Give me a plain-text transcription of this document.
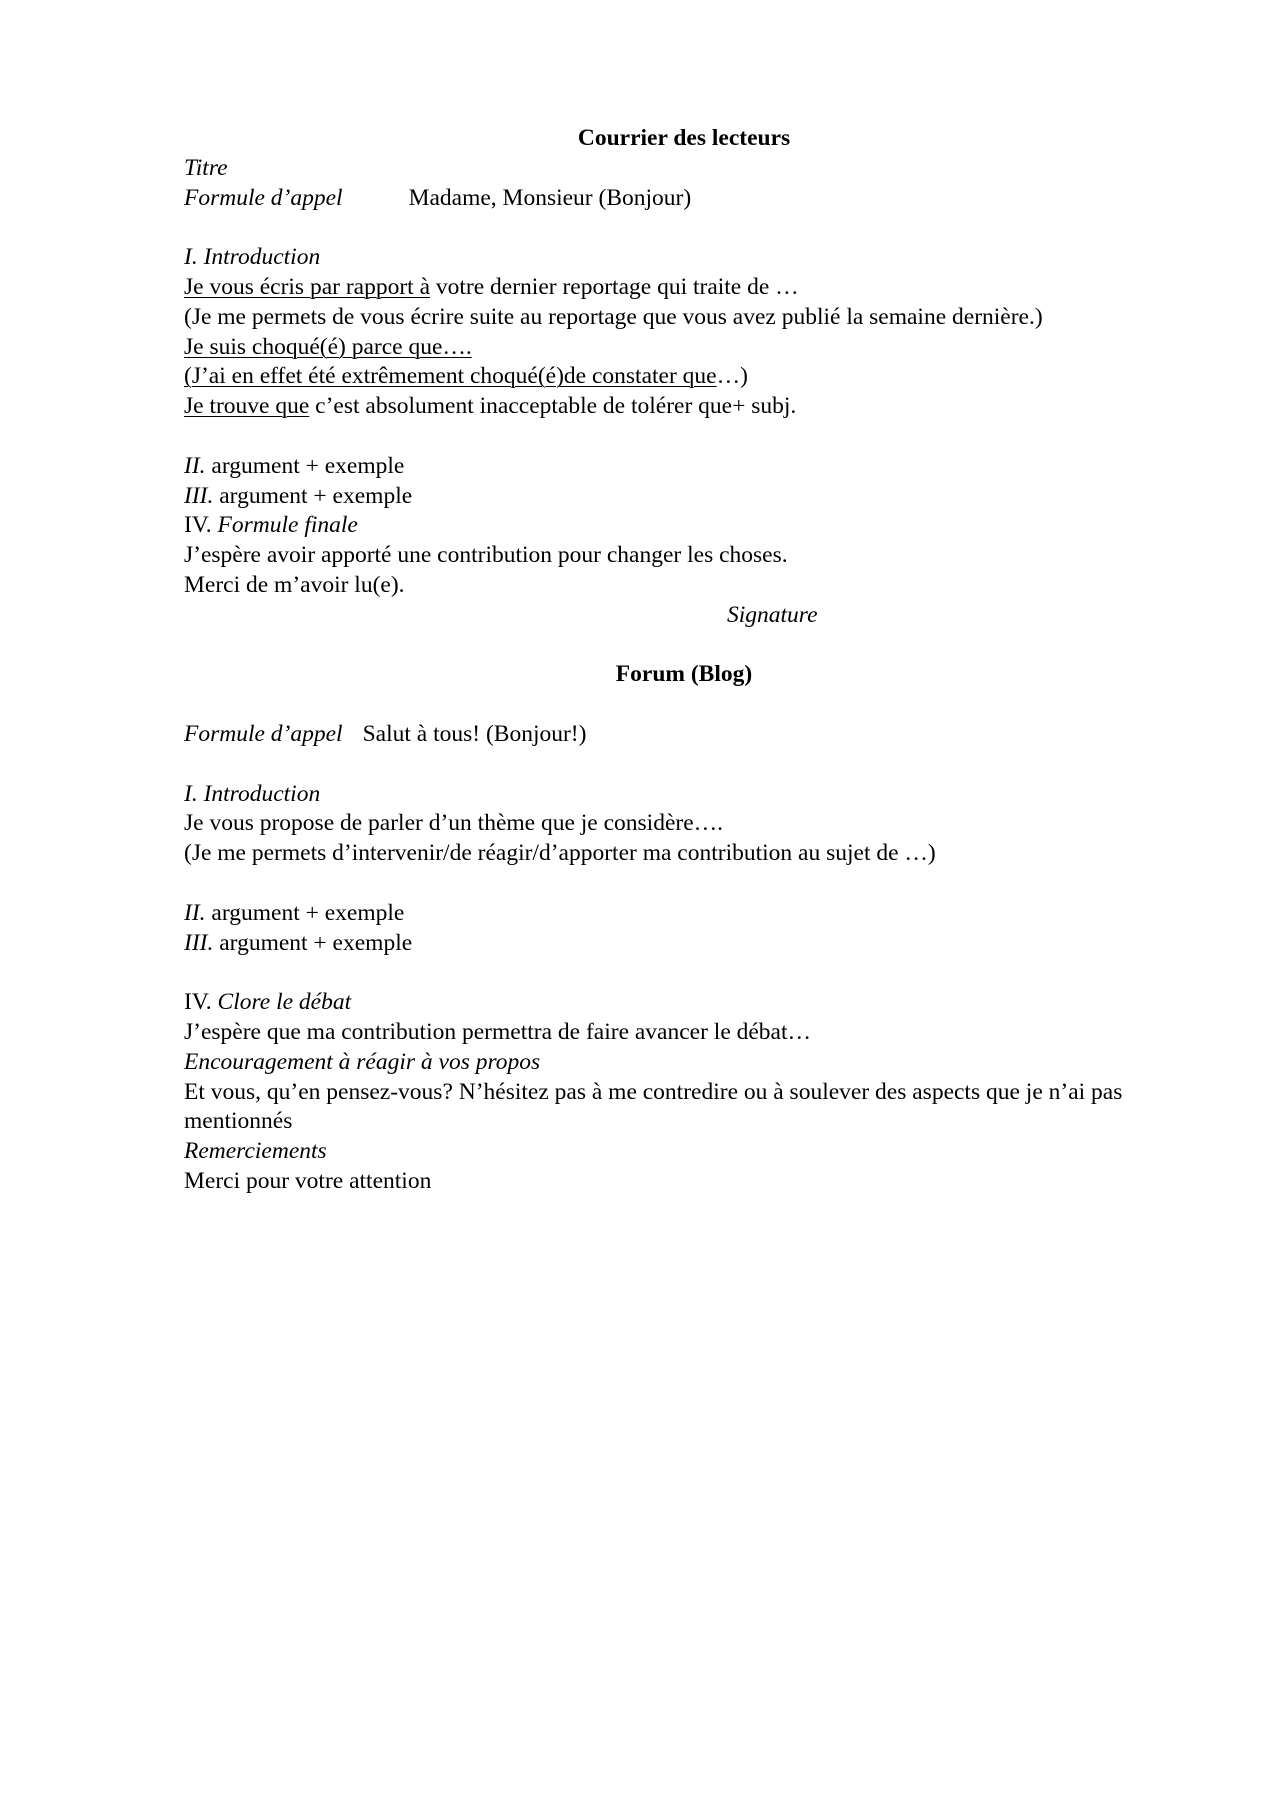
Courrier des lecteurs
Titre
Formule d’appel	Madame, Monsieur (Bonjour)
I. Introduction
Je vous écris par rapport à votre dernier reportage qui traite de …
(Je me permets de vous écrire suite au reportage que vous avez publié la semaine dernière.)
Je suis choqué(é) parce que….
(J’ai en effet été extrêmement choqué(é)de constater que…)
Je trouve que c’est absolument inacceptable de tolérer que+ subj.
II. argument + exemple
III. argument + exemple
IV. Formule finale
J’espère avoir apporté une contribution pour changer les choses.
Merci de m’avoir lu(e).
Signature
Forum (Blog)
Formule d’appel Salut à tous! (Bonjour!)
I. Introduction
Je vous propose de parler d’un thème que je considère….
(Je me permets d’intervenir/de réagir/d’apporter ma contribution au sujet de …)
II. argument + exemple
III. argument + exemple
IV. Clore le débat
J’espère que ma contribution permettra de faire avancer le débat…
Encouragement à réagir à vos propos
Et vous, qu’en pensez-vous? N’hésitez pas à me contredire ou à soulever des aspects que je n’ai pas mentionnés
Remerciements
Merci pour votre attention
